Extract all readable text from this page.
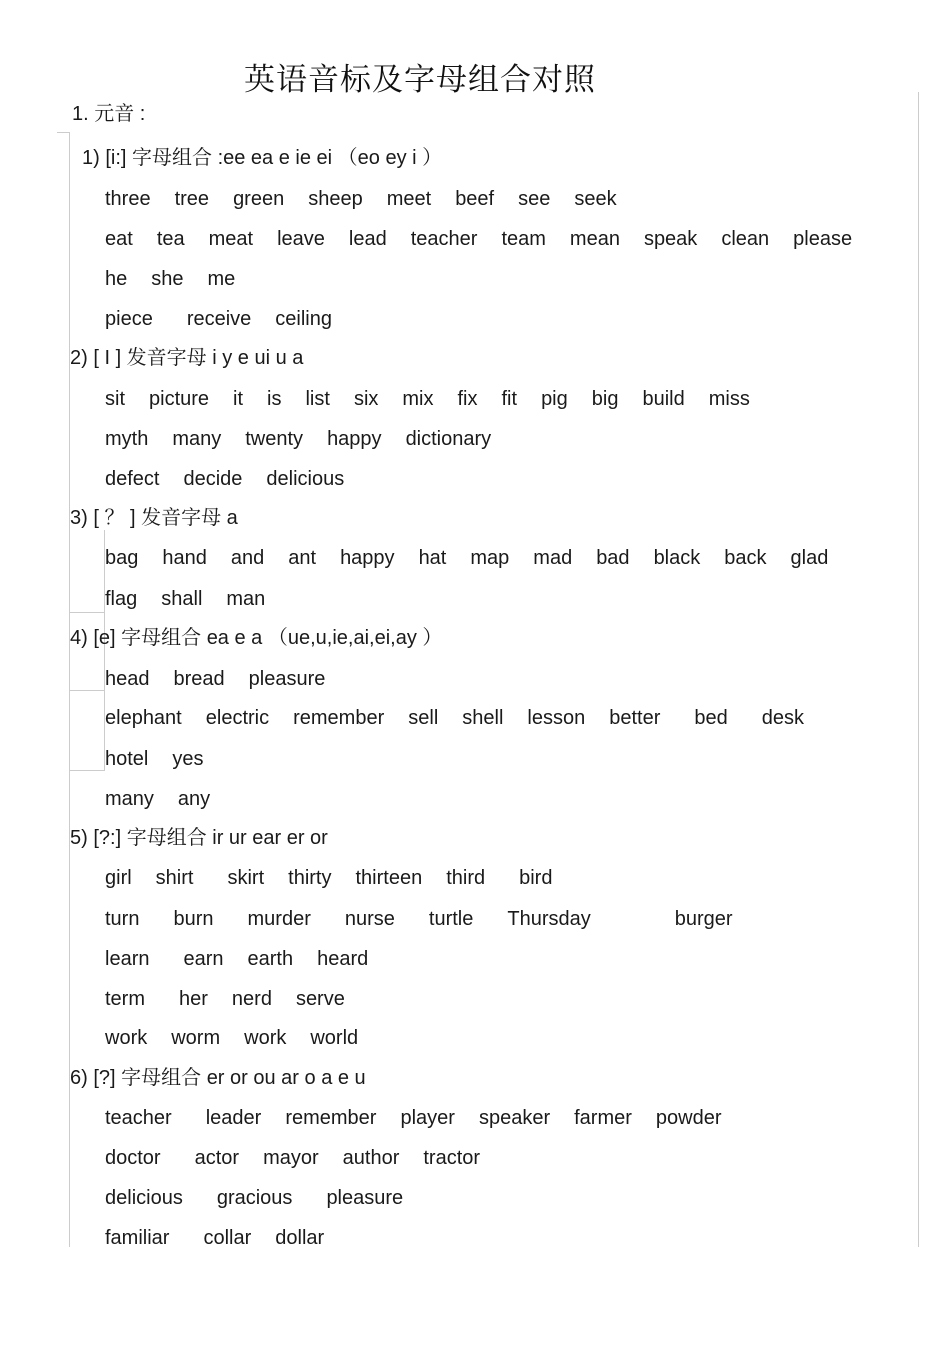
英语音标及字母组合对照
1. 元音 :
1) [i:] 字母组合 :ee ea e ie ei （eo ey i ）
three tree green sheep meet beef see seek
eat tea meat leave lead teacher team mean speak clean please
he she me
piece receive ceiling
2) [ I ] 发音字母 i y e ui u a
sit picture it is list six mix fix fit pig big build miss
myth many twenty happy dictionary
defect decide delicious
3) [ ？ ] 发音字母 a
bag hand and ant happy hat map mad bad black back glad
flag shall man
4) [e] 字母组合 ea e a （ue,u,ie,ai,ei,ay ）
head bread pleasure
elephant electric remember sell shell lesson better bed desk
hotel yes
many any
5) [?:] 字母组合 ir ur ear er or
girl shirt skirt thirty thirteen third bird
turn burn murder nurse turtle Thursday	burger
learn earn earth heard
term her nerd serve
work worm work world
6) [?] 字母组合 er or ou ar o a e u
teacher leader remember player speaker farmer powder
doctor actor mayor author tractor
delicious gracious pleasure
familiar collar dollar
